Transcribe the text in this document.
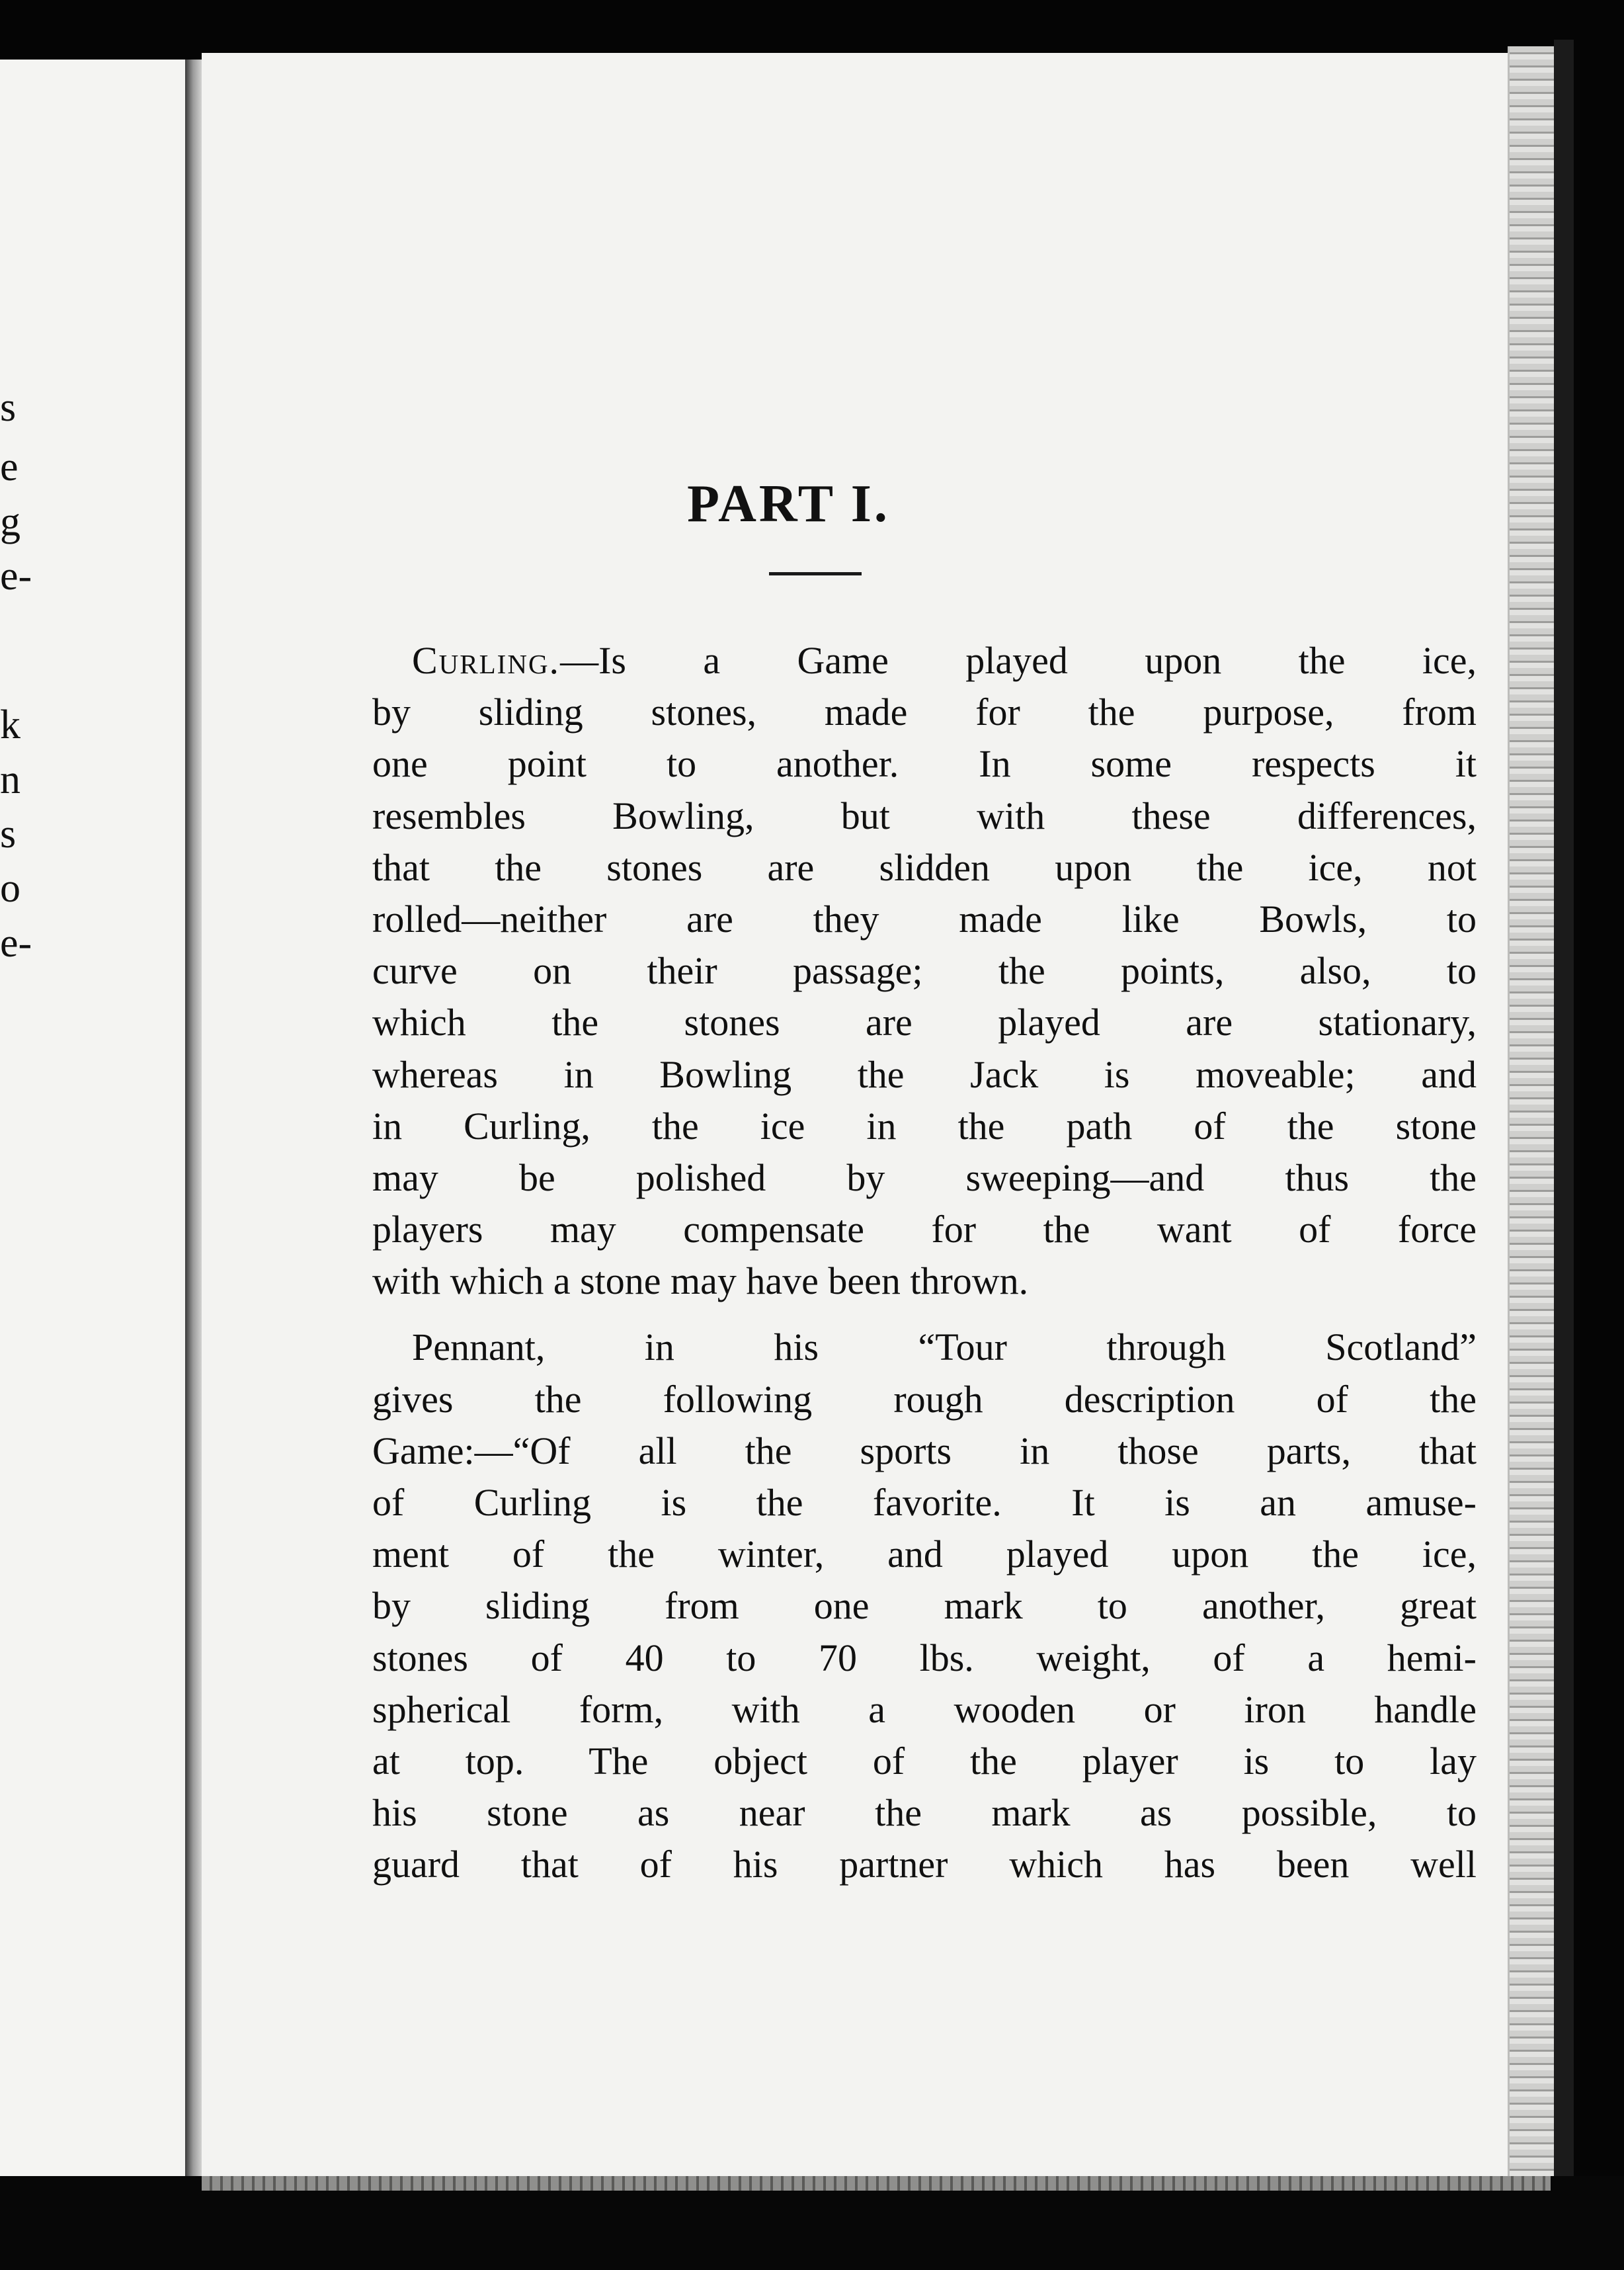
s
e
g
e-
k
n
s
o
e-
PART I.
Curling.—Is a Game played upon the ice,
by sliding stones, made for the purpose, from
one point to another. In some respects it
resembles Bowling, but with these differences,
that the stones are slidden upon the ice, not
rolled—neither are they made like Bowls, to
curve on their passage; the points, also, to
which the stones are played are stationary,
whereas in Bowling the Jack is moveable; and
in Curling, the ice in the path of the stone
may be polished by sweeping—and thus the
players may compensate for the want of force
with which a stone may have been thrown.
Pennant, in his “Tour through Scotland”
gives the following rough description of the
Game:—“Of all the sports in those parts, that
of Curling is the favorite. It is an amuse-
ment of the winter, and played upon the ice,
by sliding from one mark to another, great
stones of 40 to 70 lbs. weight, of a hemi-
spherical form, with a wooden or iron handle
at top. The object of the player is to lay
his stone as near the mark as possible, to
guard that of his partner which has been well
